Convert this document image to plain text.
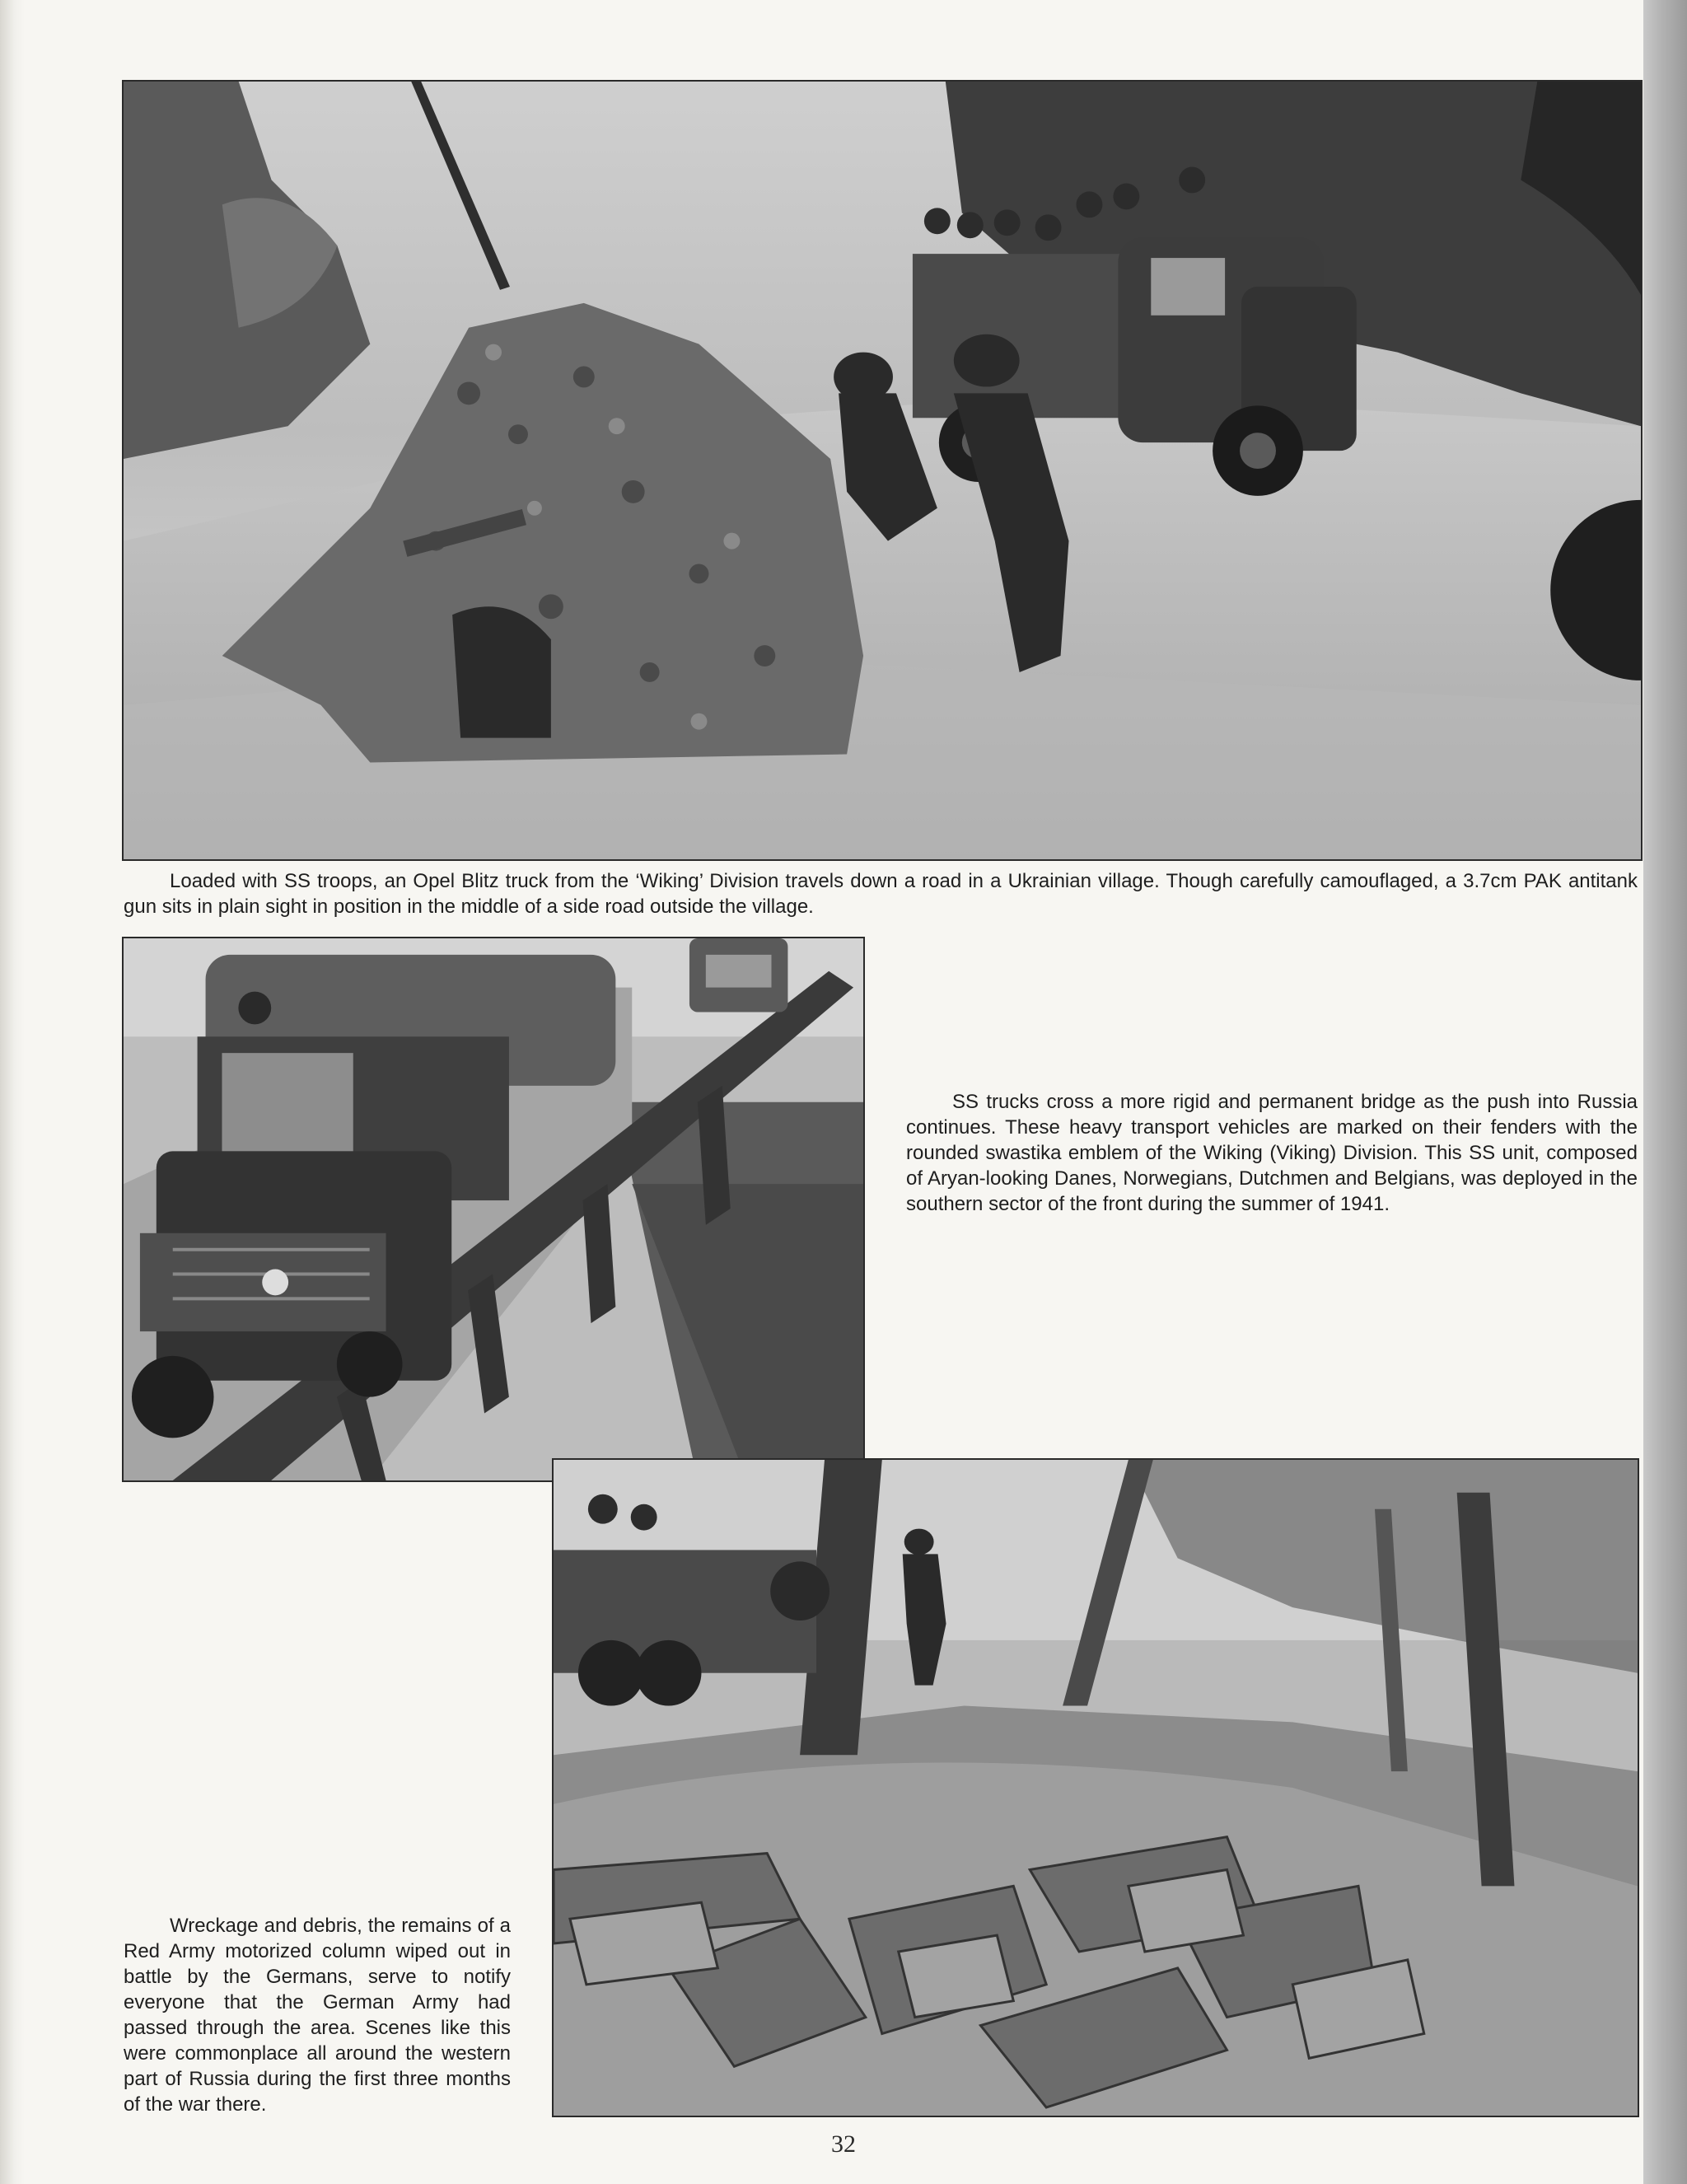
Loaded with SS troops, an Opel Blitz truck from the ‘Wiking’ Division travels down a road in a Ukrainian village. Though carefully camouflaged, a 3.7cm PAK antitank gun sits in plain sight in position in the middle of a side road outside the village.
SS trucks cross a more rigid and permanent bridge as the push into Russia continues. These heavy transport vehicles are marked on their fenders with the rounded swastika emblem of the Wiking (Viking) Division. This SS unit, composed of Aryan-looking Danes, Norwegians, Dutchmen and Belgians, was deployed in the southern sector of the front during the summer of 1941.
Wreckage and debris, the remains of a Red Army motorized column wiped out in battle by the Germans, serve to notify everyone that the German Army had passed through the area. Scenes like this were commonplace all around the western part of Russia during the first three months of the war there.
32
